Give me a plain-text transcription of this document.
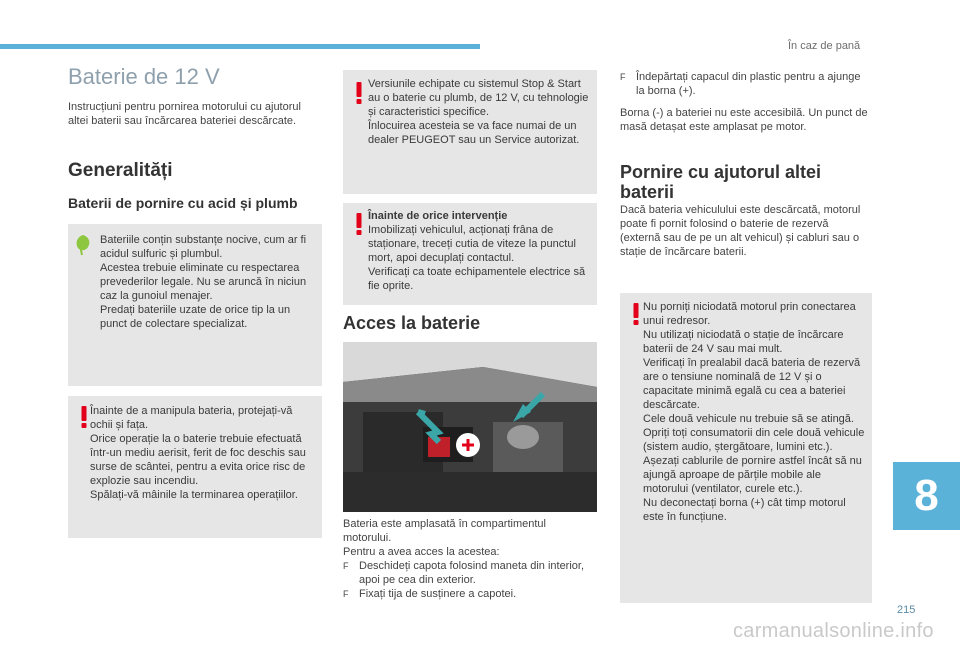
În caz de pană
Baterie de 12 V

Instrucțiuni pentru pornirea motorului cu ajutorul altei baterii sau încărcarea bateriei descărcate.

Generalități
Baterii de pornire cu acid și plumb

Bateriile conțin substanțe nocive, cum ar fi acidul sulfuric și plumbul.
Acestea trebuie eliminate cu respectarea prevederilor legale. Nu se aruncă în niciun caz la gunoiul menajer.
Predați bateriile uzate de orice tip la un punct de colectare specializat.

Înainte de a manipula bateria, protejați-vă ochii și fața.
Orice operație la o baterie trebuie efectuată într-un mediu aerisit, ferit de foc deschis sau surse de scântei, pentru a evita orice risc de explozie sau incendiu.
Spălați-vă mâinile la terminarea operațiilor.

Versiunile echipate cu sistemul Stop & Start au o baterie cu plumb, de 12 V, cu tehnologie și caracteristici specifice.
Înlocuirea acesteia se va face numai de un dealer PEUGEOT sau un Service autorizat.

Înainte de orice intervenție

Imobilizați vehiculul, acționați frâna de staționare, treceți cutia de viteze la punctul mort, apoi decuplați contactul.
Verificați ca toate echipamentele electrice să fie oprite.

Acces la baterie

Bateria este amplasată în compartimentul motorului.
Pentru a avea acces la acestea:

F Deschideți capota folosind maneta din interior, apoi pe cea din exterior.
F Fixați tija de susținere a capotei.
F Îndepărtați capacul din plastic pentru a ajunge la borna (+).

Borna (-) a bateriei nu este accesibilă. Un punct de masă detașat este amplasat pe motor.

Pornire cu ajutorul altei baterii

Dacă bateria vehiculului este descărcată, motorul poate fi pornit folosind o baterie de rezervă (externă sau de pe un alt vehicul) și cabluri sau o stație de încărcare baterii.

Nu porniți niciodată motorul prin conectarea unui redresor.
Nu utilizați niciodată o stație de încărcare baterii de 24 V sau mai mult.
Verificați în prealabil dacă bateria de rezervă are o tensiune nominală de 12 V și o capacitate minimă egală cu cea a bateriei descărcate.
Cele două vehicule nu trebuie să se atingă.
Opriți toți consumatorii din cele două vehicule (sistem audio, ștergătoare, lumini etc.).
Așezați cablurile de pornire astfel încât să nu ajungă aproape de părțile mobile ale motorului (ventilator, curele etc.).
Nu deconectați borna (+) cât timp motorul este în funcțiune.	8
215
carmanualsonline.info
